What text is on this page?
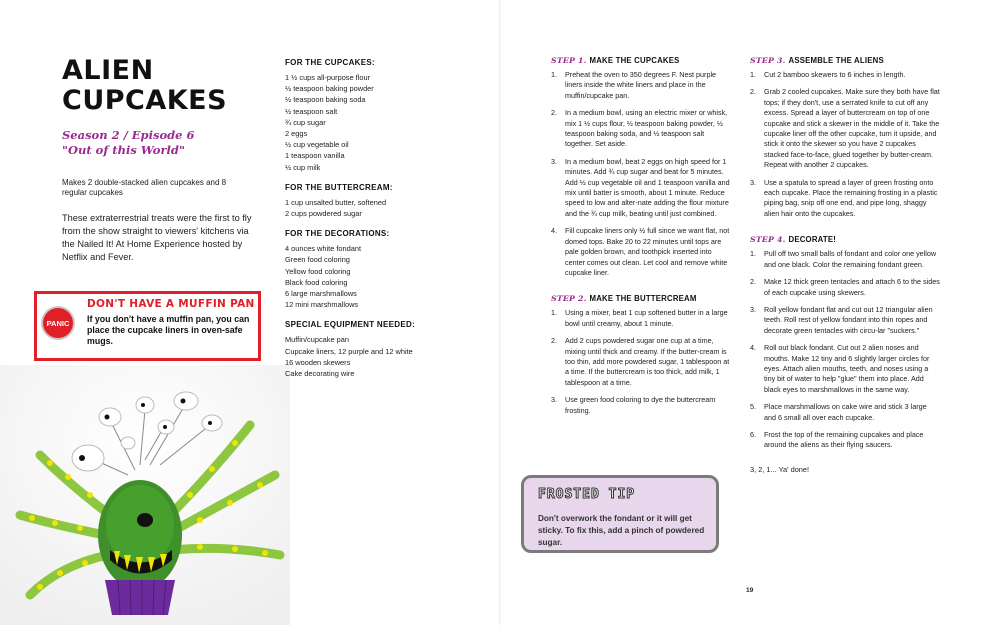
ALIEN
CUPCAKES
Season 2 / Episode 6
"Out of this World"
Makes 2 double-stacked alien cupcakes and 8 regular cupcakes
These extraterrestrial treats were the first to fly from the show straight to viewers' kitchens via the Nailed It! At Home Experience hosted by Netflix and Fever.
PANIC
DON'T HAVE A MUFFIN PAN
If you don't have a muffin pan, you can place the cupcake liners in oven-safe mugs.
FOR THE CUPCAKES:
1 ½ cups all-purpose flour
½ teaspoon baking powder
½ teaspoon baking soda
½ teaspoon salt
¾ cup sugar
2 eggs
½ cup vegetable oil
1 teaspoon vanilla
½ cup milk
FOR THE BUTTERCREAM:
1 cup unsalted butter, softened
2 cups powdered sugar
FOR THE DECORATIONS:
4 ounces white fondant
Green food coloring
Yellow food coloring
Black food coloring
6 large marshmallows
12 mini marshmallows
SPECIAL EQUIPMENT NEEDED:
Muffin/cupcake pan
Cupcake liners, 12 purple and 12 white
16 wooden skewers
Cake decorating wire
STEP 1. MAKE THE CUPCAKES
1. Preheat the oven to 350 degrees F. Nest purple liners inside the white liners and place in the muffin/cupcake pan.
2. In a medium bowl, using an electric mixer or whisk, mix 1 ½ cups flour, ½ teaspoon baking powder, ½ teaspoon baking soda, and ½ teaspoon salt together. Set aside.
3. In a medium bowl, beat 2 eggs on high speed for 1 minutes. Add ¾ cup sugar and beat for 5 minutes. Add ½ cup vegetable oil and 1 teaspoon vanilla and mix until batter is smooth, about 1 minute. Reduce speed to low and alter-nate adding the flour mixture and the ¾ cup milk, beating until just combined.
4. Fill cupcake liners only ½ full since we want flat, not domed tops. Bake 20 to 22 minutes until tops are pale golden brown, and toothpick inserted into center comes out clean. Let cool and remove white cupcake liner.
STEP 2. MAKE THE BUTTERCREAM
1. Using a mixer, beat 1 cup softened butter in a large bowl until creamy, about 1 minute.
2. Add 2 cups powdered sugar one cup at a time, mixing until thick and creamy. If the butter-cream is too thin, add more powdered sugar, 1 tablespoon at a time. If the buttercream is too thick, add milk, 1 tablespoon at a time.
3. Use green food coloring to dye the buttercream frosting.
STEP 3. ASSEMBLE THE ALIENS
1. Cut 2 bamboo skewers to 6 inches in length.
2. Grab 2 cooled cupcakes. Make sure they both have flat tops; if they don't, use a serrated knife to cut off any excess. Spread a layer of buttercream on top of one cupcake and stick a skewer in the middle of it. Take the cupcake liner off the other cupcake, turn it upside, and stick it onto the skewer so you have 2 cupcakes stacked face-to-face, glued together by butter-cream. Repeat with another 2 cupcakes.
3. Use a spatula to spread a layer of green frosting onto each cupcake. Place the remaining frosting in a plastic piping bag, snip off one end, and pipe long, shaggy alien hair onto the cupcakes.
STEP 4. DECORATE!
1. Pull off two small balls of fondant and color one yellow and one black. Color the remaining fondant green.
2. Make 12 thick green tentacles and attach 6 to the sides of each cupcake using skewers.
3. Roll yellow fondant flat and cut out 12 triangular alien teeth. Roll rest of yellow fondant into thin ropes and decorate green tentacles with circu-lar "suckers."
4. Roll out black fondant. Cut out 2 alien noses and mouths. Make 12 tiny and 6 slightly larger circles for eyes. Attach alien mouths, teeth, and noses using a tiny bit of water to help "glue" them into place. Add black eyes to marshmallows in the same way.
5. Place marshmallows on cake wire and stick 3 large and 6 small all over each cupcake.
6. Frost the top of the remaining cupcakes and place around the aliens as their flying saucers.
3, 2, 1... Ya' done!
FROSTED TIP
Don't overwork the fondant or it will get sticky. To fix this, add a pinch of powdered sugar.
19
